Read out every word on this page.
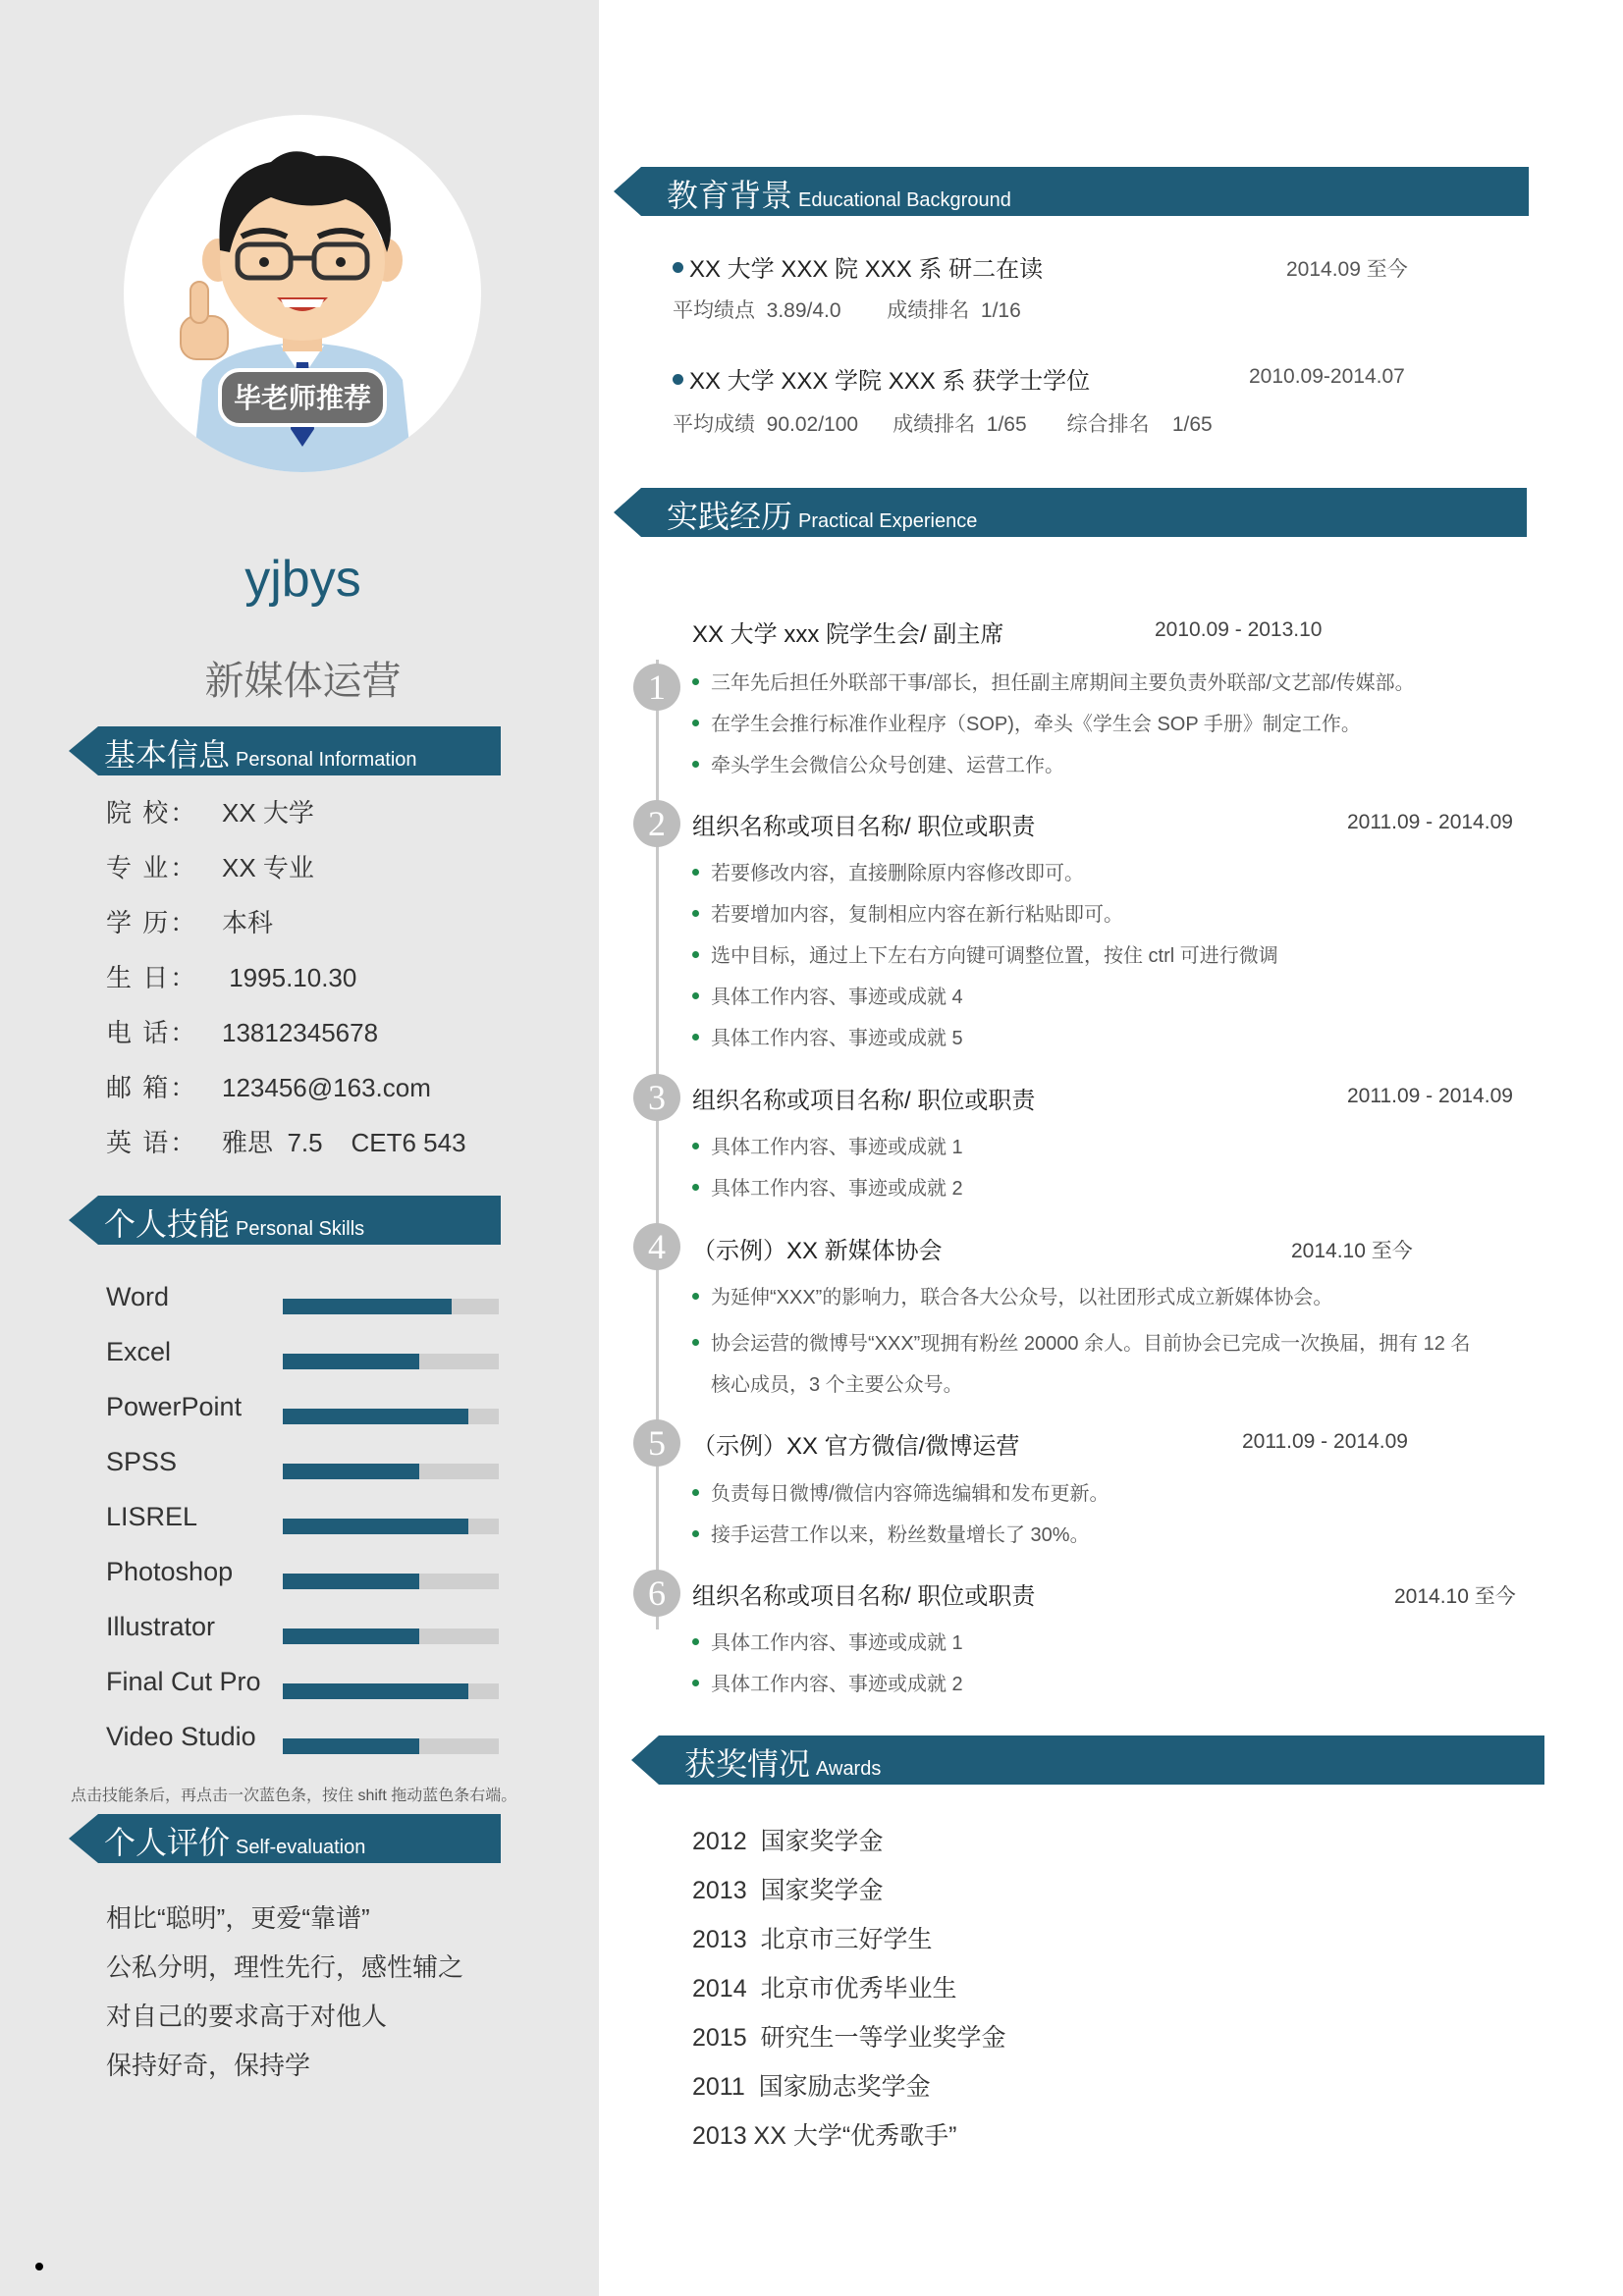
毕老师推荐
yjbys
新媒体运营
基本信息 Personal Information
院 校： XX 大学
专 业： XX 专业
学 历： 本科
生 日： 1995.10.30
电 话： 13812345678
邮 箱： 123456@163.com
英 语： 雅思  7.5    CET6 543
个人技能 Personal Skills
Word
Excel
PowerPoint
SPSS
LISREL
Photoshop
Illustrator
Final Cut Pro
Video Studio
点击技能条后，再点击一次蓝色条，按住 shift 拖动蓝色条右端。
个人评价 Self-evaluation
相比“聪明”，更爱“靠谱”
公私分明，理性先行，感性辅之
对自己的要求高于对他人
保持好奇，保持学
教育背景 Educational Background
XX 大学 XXX 院 XXX 系 研二在读	2014.09 至今
平均绩点  3.89/4.0        成绩排名  1/16
XX 大学 XXX 学院 XXX 系 获学士学位	2010.09-2014.07
平均成绩  90.02/100      成绩排名  1/65       综合排名    1/65
实践经历 Practical Experience
XX 大学 xxx 院学生会/ 副主席	2010.09 - 2013.10
1	三年先后担任外联部干事/部长，担任副主席期间主要负责外联部/文艺部/传媒部。
在学生会推行标准作业程序（SOP)，牵头《学生会 SOP 手册》制定工作。
牵头学生会微信公众号创建、运营工作。
2	组织名称或项目名称/ 职位或职责	2011.09 - 2014.09
若要修改内容，直接删除原内容修改即可。
若要增加内容，复制相应内容在新行粘贴即可。
选中目标，通过上下左右方向键可调整位置，按住 ctrl 可进行微调
具体工作内容、事迹或成就 4
具体工作内容、事迹或成就 5
3	组织名称或项目名称/ 职位或职责	2011.09 - 2014.09
具体工作内容、事迹或成就 1
具体工作内容、事迹或成就 2
4	（示例）XX 新媒体协会	2014.10 至今
为延伸“XXX”的影响力，联合各大公众号，以社团形式成立新媒体协会。
协会运营的微博号“XXX”现拥有粉丝 20000 余人。目前协会已完成一次换届，拥有 12 名
核心成员，3 个主要公众号。
5	（示例）XX 官方微信/微博运营	2011.09 - 2014.09
负责每日微博/微信内容筛选编辑和发布更新。
接手运营工作以来，粉丝数量增长了 30%。
6	组织名称或项目名称/ 职位或职责	2014.10 至今
具体工作内容、事迹或成就 1
具体工作内容、事迹或成就 2
获奖情况 Awards
2012  国家奖学金
2013  国家奖学金
2013  北京市三好学生
2014  北京市优秀毕业生
2015  研究生一等学业奖学金
2011  国家励志奖学金
2013 XX 大学“优秀歌手”
